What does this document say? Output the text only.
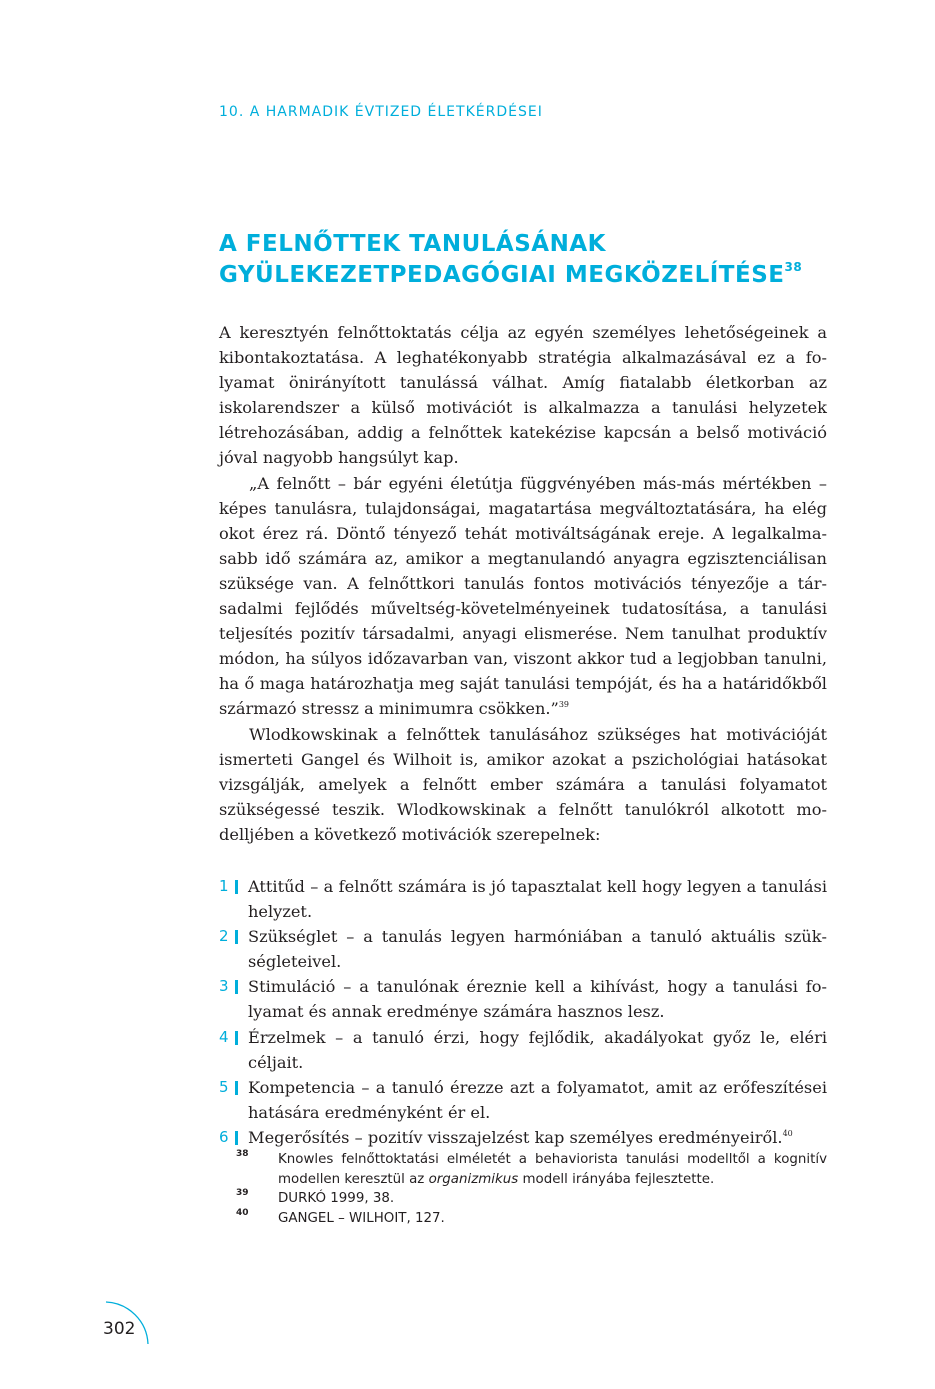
10. A HARMADIK ÉVTIZED ÉLETKÉRDÉSEI
A FELNŐTTEK TANULÁSÁNAK
GYÜLEKEZETPEDAGÓGIAI MEGKÖZELÍTÉSE$^{38}$

A keresztyén felnőttoktatás célja az egyén személyes lehetőségeinek a kibontakoztatása. A leghatékonyabb stratégia alkalmazásával ez a folyamat önirányított tanulássá válhat. Amíg fiatalabb életkorban az iskolarendszer a külső motivációt is alkalmazza a tanulási helyzetek létrehozásában, addig a felnőttek katekézise kapcsán a belső motiváció jóval nagyobb hangsúlyt kap.

„A felnőtt – bár egyéni életútja függvényében más-más mértékben – képes tanulásra, tulajdonságai, magatartása megváltoztatására, ha elég okot érez rá. Döntő tényező tehát motiváltságának ereje. A legalkalmasabb idő számára az, amikor a megtanulandó anyagra egzisztenciálisan szüksége van. A felnőttkori tanulás fontos motivációs tényezője a társadalmi fejlődés műveltség-követelményeinek tudatosítása, a tanulási teljesítés pozitív társadalmi, anyagi elismerése. Nem tanulhat produktív módon, ha súlyos időzavarban van, viszont akkor tud a legjobban tanulni, ha ő maga határozhatja meg saját tanulási tempóját, és ha a határidőkből származó stressz a minimumra csökken.”$^{39}$

Wlodkowskinak a felnőttek tanulásához szükséges hat motivációját ismerteti Gangel és Wilhoit is, amikor azokat a pszichológiai hatásokat vizsgálják, amelyek a felnőtt ember számára a tanulási folyamatot szükségessé teszik. Wlodkowskinak a felnőtt tanulókról alkotott modelljében a következő motivációk szerepelnek:

1 Attitűd – a felnőtt számára is jó tapasztalat kell hogy legyen a tanulási helyzet.
2 Szükséglet – a tanulás legyen harmóniában a tanuló aktuális szükségleteivel.
3 Stimuláció – a tanulónak éreznie kell a kihívást, hogy a tanulási folyamat és annak eredménye számára hasznos lesz.
4 Érzelmek – a tanuló érzi, hogy fejlődik, akadályokat győz le, eléri céljait.
5 Kompetencia – a tanuló érezze azt a folyamatot, amit az erőfeszítései hatására eredményként ér el.
6 Megerősítés – pozitív visszajelzést kap személyes eredményeiről.$^{40}$
38 Knowles felnőttoktatási elméletét a behaviorista tanulási modelltől a kognitív modellen keresztül az organizmikus modell irányába fejlesztette.
39 DURKÓ 1999, 38.
40 GANGEL – WILHOIT, 127.
302
